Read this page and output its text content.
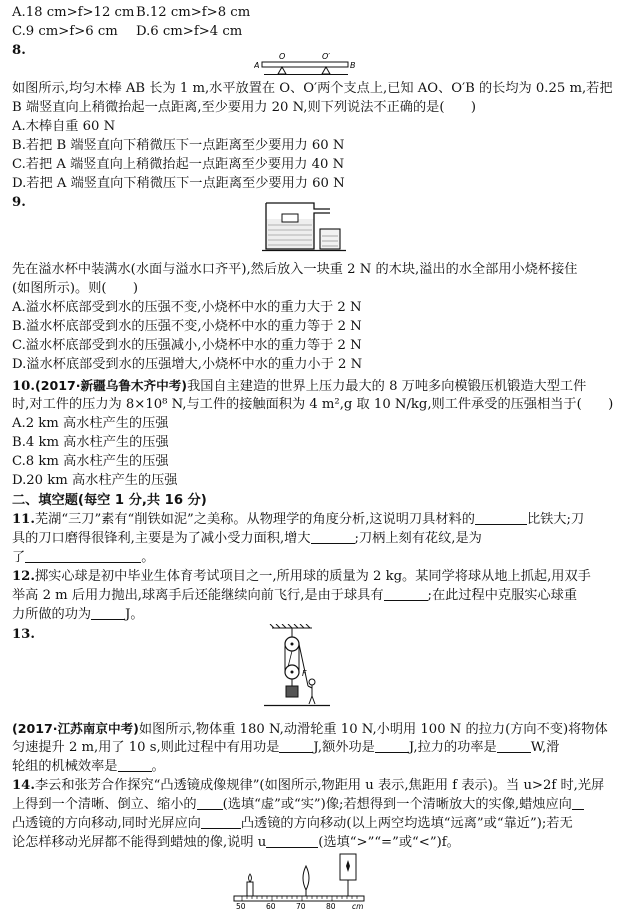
A.18 cm>f>12 cm B.12 cm>f>8 cm
C.9 cm>f>6 cm D.6 cm>f>4 cm
8.
A
O	O′
B
如图所示,均匀木棒 AB 长为 1 m,水平放置在 O、O′两个支点上,已知 AO、O′B 的长均为 0.25 m,若把
B 端竖直向上稍微抬起一点距离,至少要用力 20 N,则下列说法不正确的是(　　)
A.木棒自重 60 N
B.若把 B 端竖直向下稍微压下一点距离至少要用力 60 N
C.若把 A 端竖直向上稍微抬起一点距离至少要用力 40 N
D.若把 A 端竖直向下稍微压下一点距离至少要用力 60 N
9.
先在溢水杯中装满水(水面与溢水口齐平),然后放入一块重 2 N 的木块,溢出的水全部用小烧杯接住
(如图所示)。则(　　)
A.溢水杯底部受到水的压强不变,小烧杯中水的重力大于 2 N
B.溢水杯底部受到水的压强不变,小烧杯中水的重力等于 2 N
C.溢水杯底部受到水的压强减小,小烧杯中水的重力等于 2 N
D.溢水杯底部受到水的压强增大,小烧杯中水的重力小于 2 N
10.(2017·新疆乌鲁木齐中考)我国自主建造的世界上压力最大的 8 万吨多向模锻压机锻造大型工件
时,对工件的压力为 8×10⁸ N,与工件的接触面积为 4 m²,g 取 10 N/kg,则工件承受的压强相当于(　　)
A.2 km 高水柱产生的压强
B.4 km 高水柱产生的压强
C.8 km 高水柱产生的压强
D.20 km 高水柱产生的压强
二、填空题(每空 1 分,共 16 分)
11.芜湖“三刀”素有“削铁如泥”之美称。从物理学的角度分析,这说明刀具材料的	比铁大;刀
具的刀口磨得很锋利,主要是为了减小受力面积,增大	;刀柄上刻有花纹,是为
了	。
12.掷实心球是初中毕业生体育考试项目之一,所用球的质量为 2 kg。某同学将球从地上抓起,用双手
举高 2 m 后用力抛出,球离手后还能继续向前飞行,是由于球具有	;在此过程中克服实心球重
力所做的功为	J。
13.
F
(2017·江苏南京中考)如图所示,物体重 180 N,动滑轮重 10 N,小明用 100 N 的拉力(方向不变)将物体
匀速提升 2 m,用了 10 s,则此过程中有用功是	J,额外功是	J,拉力的功率是	W,滑
轮组的机械效率是	。
14.李云和张芳合作探究“凸透镜成像规律”(如图所示,物距用 u 表示,焦距用 f 表示)。当 u>2f 时,光屏
上得到一个清晰、倒立、缩小的 (选填“虚”或“实”)像;若想得到一个清晰放大的实像,蜡烛应向
凸透镜的方向移动,同时光屏应向	凸透镜的方向移动(以上两空均选填“远离”或“靠近”);若无
论怎样移动光屏都不能得到蜡烛的像,说明 u	(选填“>”“=”或“<”)f。
50	60	70	80 cm
